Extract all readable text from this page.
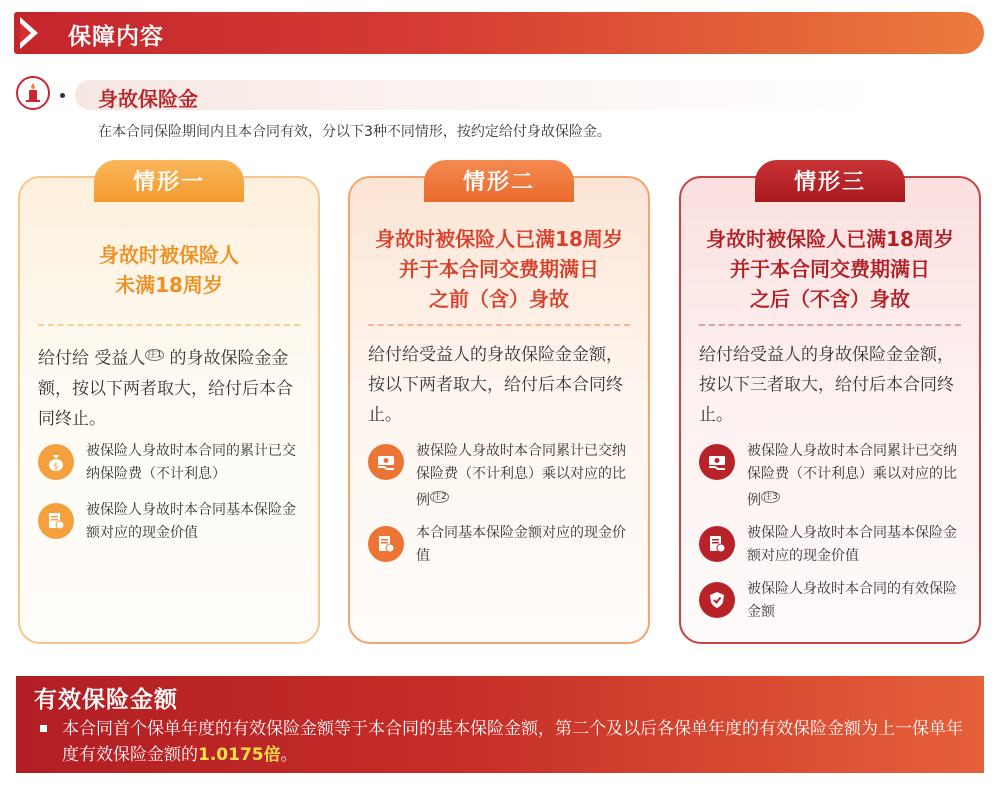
保障内容
身故保险金
在本合同保险期间内且本合同有效，分以下3种不同情形，按约定给付身故保险金。
情形一
身故时被保险人
未满18周岁
给付给 受益人 $^{注1}$ 的身故保险金金额，按以下两者取大，给付后本合同终止。
$
被保险人身故时本合同的累计已交纳保险费（不计利息）
被保险人身故时本合同基本保险金额对应的现金价值
情形二
身故时被保险人已满18周岁
并于本合同交费期满日
之前（含）身故
给付给受益人的身故保险金金额，按以下两者取大，给付后本合同终止。
被保险人身故时本合同累计已交纳保险费（不计利息）乘以对应的比例 $^{注2}$
本合同基本保险金额对应的现金价值
情形三
身故时被保险人已满18周岁
并于本合同交费期满日
之后（不含）身故
给付给受益人的身故保险金金额，按以下三者取大，给付后本合同终止。
被保险人身故时本合同累计已交纳保险费（不计利息）乘以对应的比例 $^{注3}$
被保险人身故时本合同基本保险金额对应的现金价值
被保险人身故时本合同的有效保险金额
有效保险金额
本合同首个保单年度的有效保险金额等于本合同的基本保险金额，第二个及以后各保单年度的有效保险金额为上一保单年度有效保险金额的1.0175倍。
